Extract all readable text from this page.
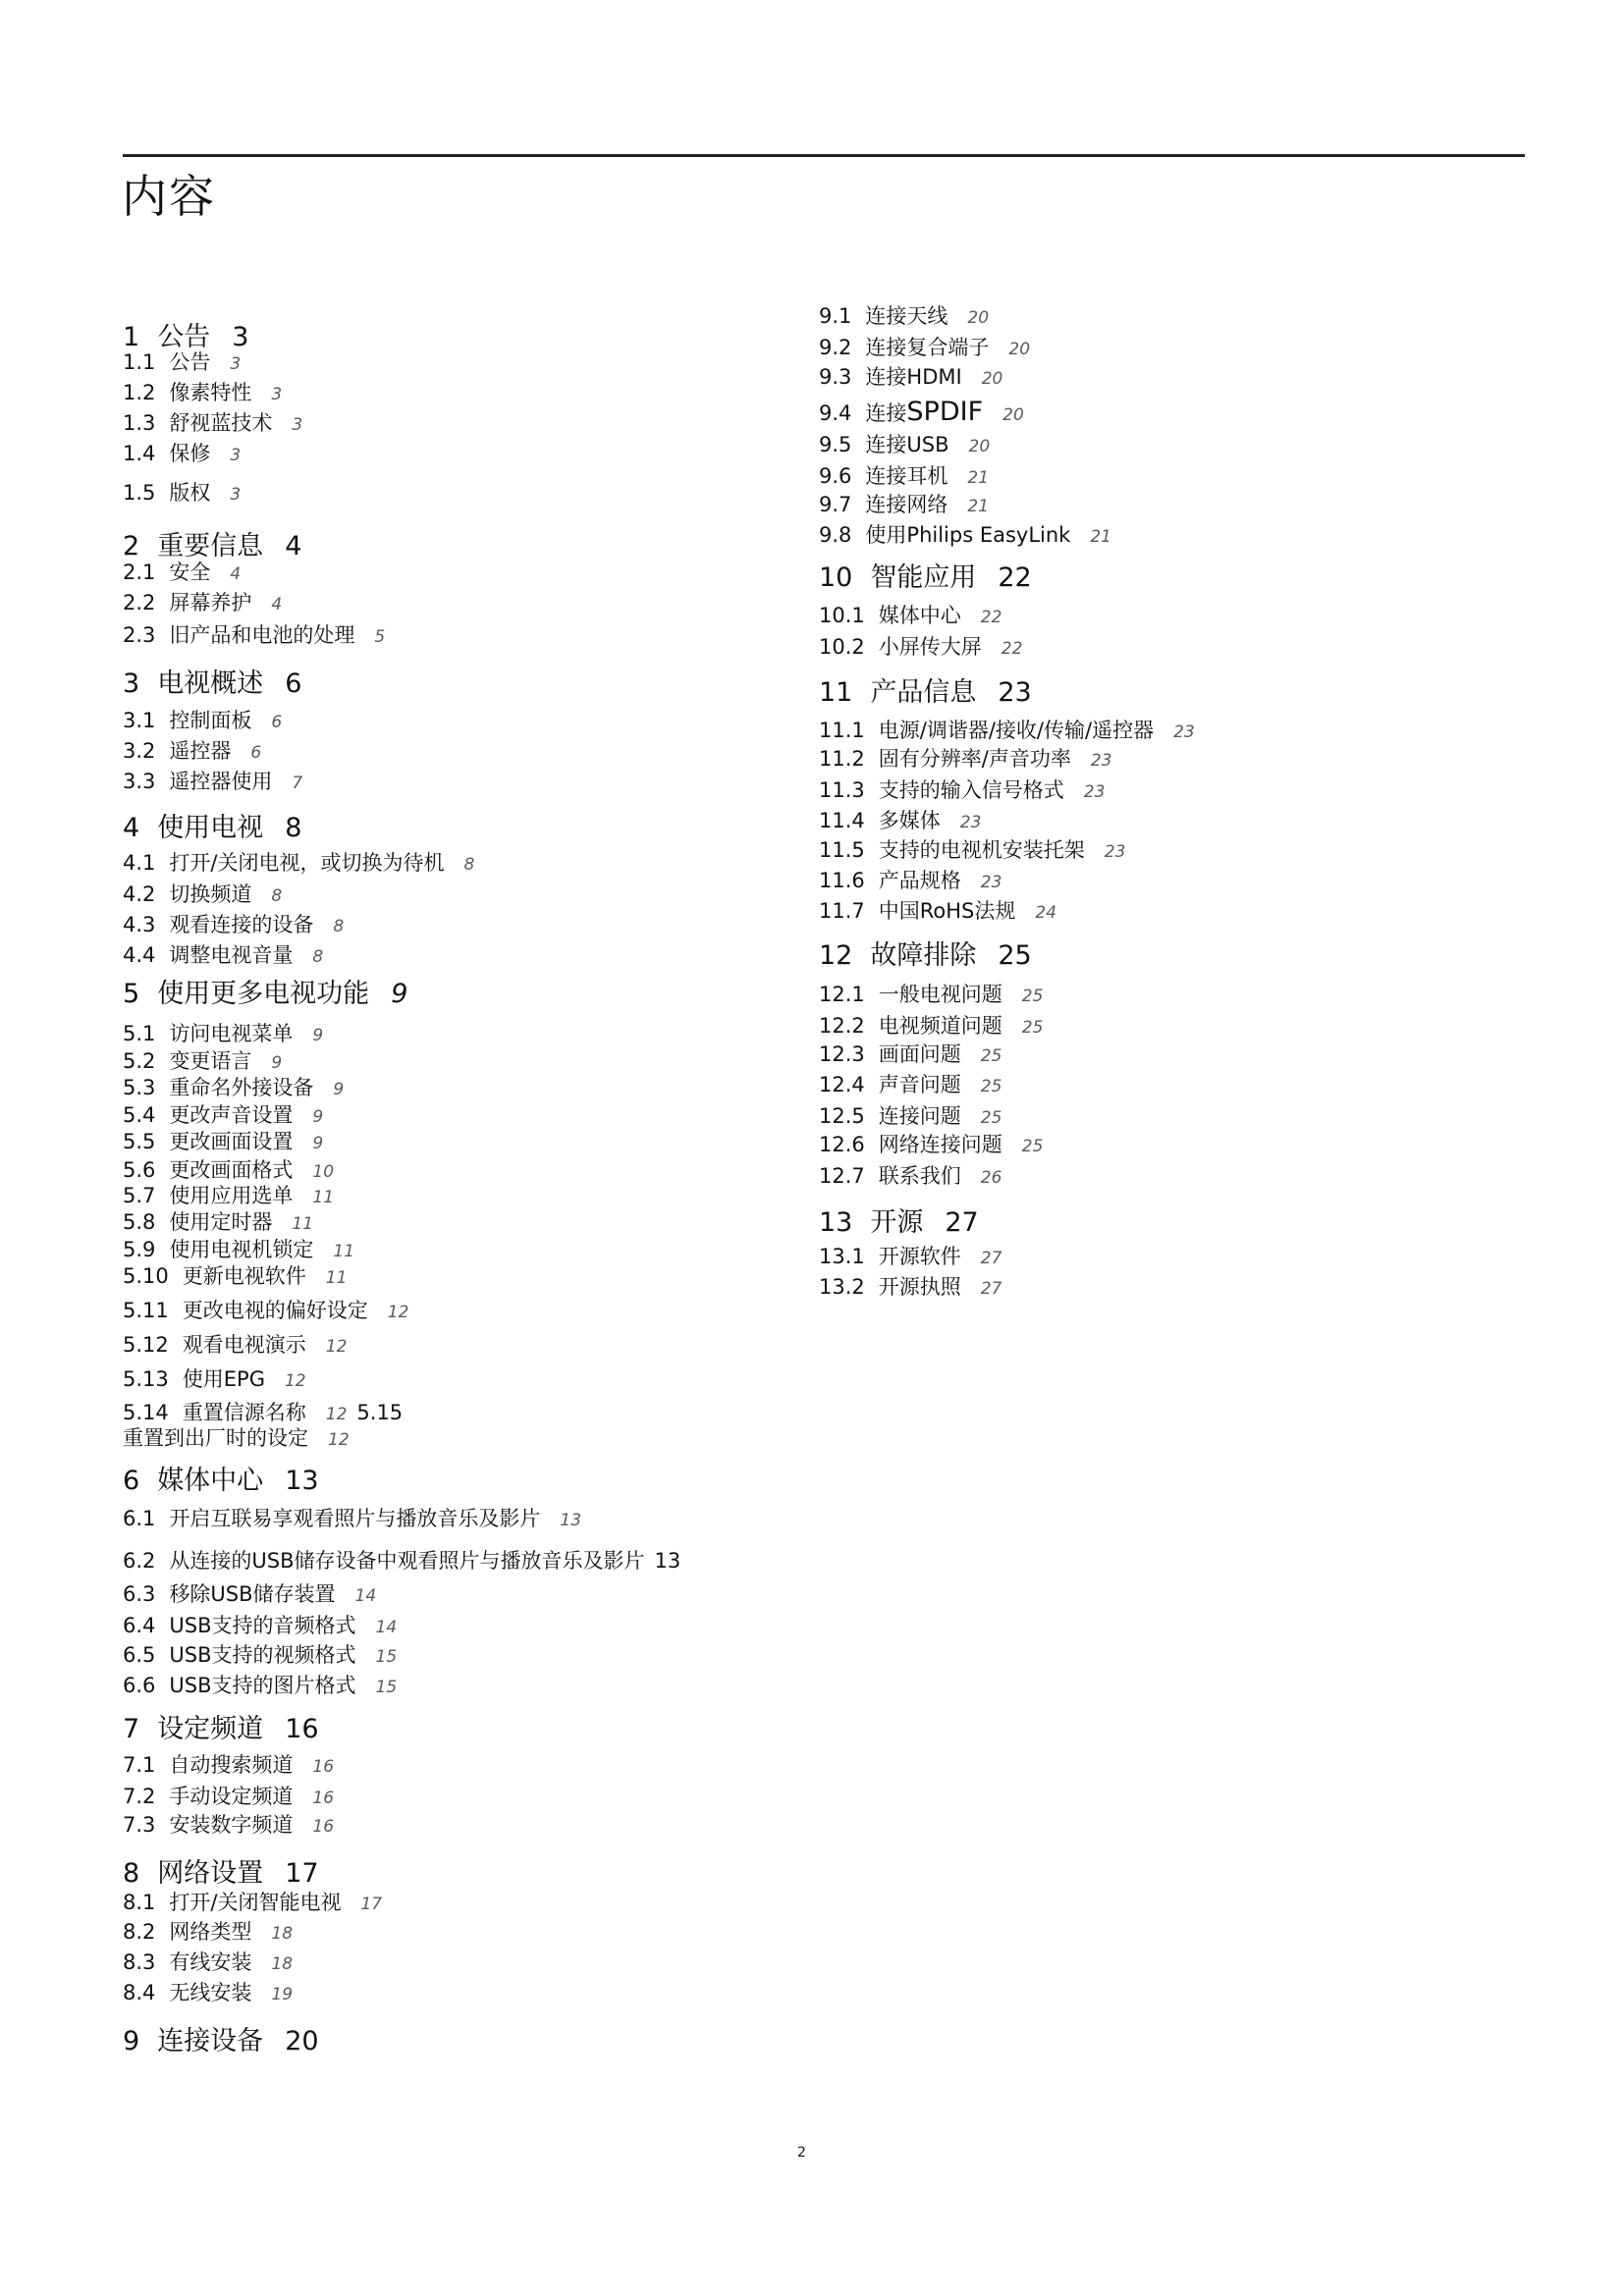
内容
1 公告 3
1.1 公告 3
1.2 像素特性 3
1.3 舒视蓝技术 3
1.4 保修 3
1.5 版权 3
2 重要信息 4
2.1 安全 4
2.2 屏幕养护 4
2.3 旧产品和电池的处理 5
3 电视概述 6
3.1 控制面板 6
3.2 遥控器 6
3.3 遥控器使用 7
4 使用电视 8
4.1 打开/关闭电视，或切换为待机 8
4.2 切换频道 8
4.3 观看连接的设备 8
4.4 调整电视音量 8
5 使用更多电视功能 9
5.1 访问电视菜单 9
5.2 变更语言 9
5.3 重命名外接设备 9
5.4 更改声音设置 9
5.5 更改画面设置 9
5.6 更改画面格式 10
5.7 使用应用选单 11
5.8 使用定时器 11
5.9 使用电视机锁定 11
5.10 更新电视软件 11
5.11 更改电视的偏好设定 12
5.12 观看电视演示 12
5.13 使用EPG 12
5.14 重置信源名称 12 5.15
重置到出厂时的设定 12
6 媒体中心 13
6.1 开启互联易享观看照片与播放音乐及影片 13
6.2 从连接的USB储存设备中观看照片与播放音乐及影片 13
6.3 移除USB储存装置 14
6.4 USB支持的音频格式 14
6.5 USB支持的视频格式 15
6.6 USB支持的图片格式 15
7 设定频道 16
7.1 自动搜索频道 16
7.2 手动设定频道 16
7.3 安装数字频道 16
8 网络设置 17
8.1 打开/关闭智能电视 17
8.2 网络类型 18
8.3 有线安装 18
8.4 无线安装 19
9 连接设备 20
9.1 连接天线 20
9.2 连接复合端子 20
9.3 连接HDMI 20
9.4 连接SPDIF 20
9.5 连接USB 20
9.6 连接耳机 21
9.7 连接网络 21
9.8 使用Philips EasyLink 21
10 智能应用 22
10.1 媒体中心 22
10.2 小屏传大屏 22
11 产品信息 23
11.1 电源/调谐器/接收/传输/遥控器 23
11.2 固有分辨率/声音功率 23
11.3 支持的输入信号格式 23
11.4 多媒体 23
11.5 支持的电视机安装托架 23
11.6 产品规格 23
11.7 中国RoHS法规 24
12 故障排除 25
12.1 一般电视问题 25
12.2 电视频道问题 25
12.3 画面问题 25
12.4 声音问题 25
12.5 连接问题 25
12.6 网络连接问题 25
12.7 联系我们 26
13 开源 27
13.1 开源软件 27
13.2 开源执照 27
2
